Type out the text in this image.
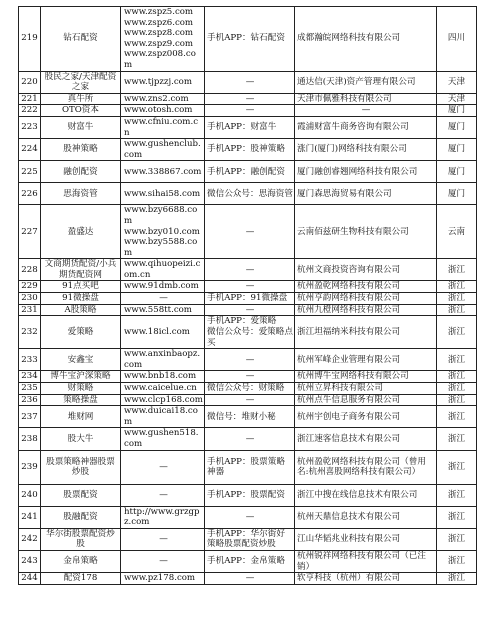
219	钻石配资	www.zspz5.com
www.zspz6.com
www.zspz8.com
www.zspz9.com
www.zspz008.com	手机APP：钻石配资	成都瀚皖网络科技有限公司	四川
220	股民之家/天津配资之家	www.tjpzzj.com	—	通达信(天津)资产管理有限公司	天津
221	真牛所	www.zns2.com	—	天津市佩雅科技有限公司	天津
222	OTO资本	www.otosh.com	—	—	厦门
223	财富牛	www.cfniu.com.cn	手机APP：财富牛	霞浦财富牛商务咨询有限公司	厦门
224	股神策略	www.gushenclub.com	手机APP：股神策略	涨门(厦门)网络科技有限公司	厦门
225	融创配资	www.338867.com	手机APP：融创配资	厦门融创睿翘网络科技有限公司	厦门
226	思海资管	www.sihai58.com	微信公众号：思海资管	厦门森思海贸易有限公司	厦门
227	盈盛达	www.bzy6688.com
www.bzy010.com
www.bzy5588.com	—	云南佰兹研生物科技有限公司	云南
228	文商期货配资/小兵期货配资网	www.qihuopeizi.com.cn	—	杭州文商投资咨询有限公司	浙江
229	91点买吧	www.91dmb.com	—	杭州盈乾网络科技有限公司	浙江
230	91微操盘	—	手机APP：91微操盘	杭州亨韵网络科技有限公司	浙江
231	A股策略	www.558tt.com	—	杭州九橙网络科技有限公司	浙江
232	爱策略	www.18icl.com	手机APP：爱策略
微信公众号：爱策略点买	浙江坦福纳米科技有限公司	浙江
233	安鑫宝	www.anxinbaopz.com	—	杭州军峰企业管理有限公司	浙江
234	博牛宝沪深策略	www.bnb18.com	—	杭州博牛宝网络科技有限公司	浙江
235	财策略	www.caicelue.cn	微信公众号：财策略	杭州立昇科技有限公司	浙江
236	策略操盘	www.clcp168.com	—	杭州点牛信息服务有限公司	浙江
237	堆财网	www.duicai18.com	微信号：堆财小秘	杭州宇创电子商务有限公司	浙江
238	股大牛	www.gushen518.com	—	浙江速客信息技术有限公司	浙江
239	股票策略神器股票炒股	—	手机APP：股票策略神器	杭州盈乾网络科技有限公司（曾用名:杭州喜股网络科技有限公司）	浙江
240	股票配资	—	手机APP：股票配资	浙江中搜在线信息技术有限公司	浙江
241	股融配资	http://www.grzgpz.com	—	杭州天鼎信息技术有限公司	浙江
242	华尔街股票配资炒股	—	手机APP：华尔街好策略股票配资炒股	江山华韬兆业科技有限公司	浙江
243	金帛策略	—	手机APP：金帛策略	杭州锐祥网络科技有限公司（已注销）	浙江
244	配资178	www.pz178.com	—	软亨科技（杭州）有限公司	浙江
